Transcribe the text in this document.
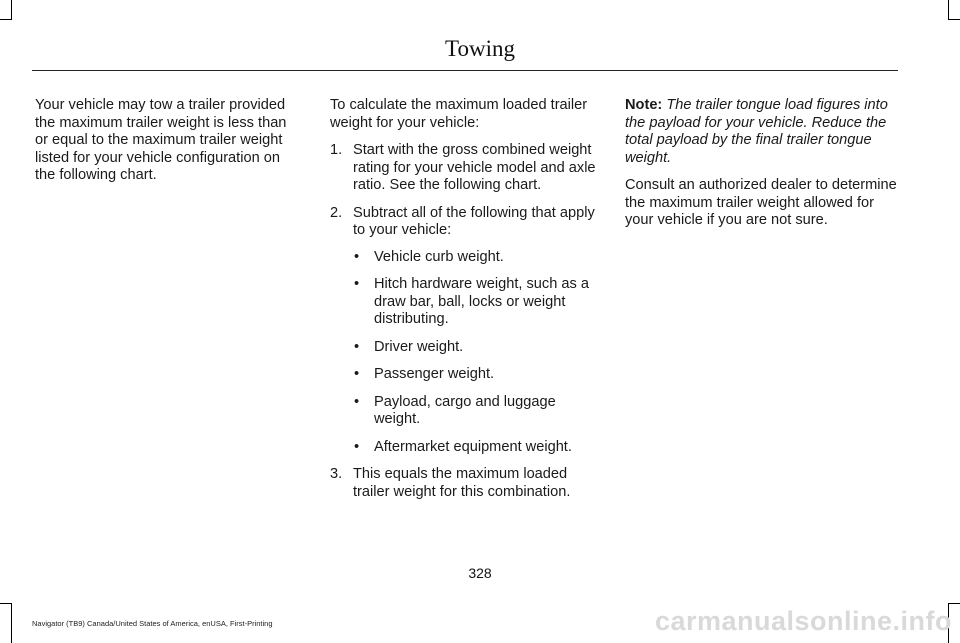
Towing

Your vehicle may tow a trailer provided the maximum trailer weight is less than or equal to the maximum trailer weight listed for your vehicle configuration on the following chart.

To calculate the maximum loaded trailer weight for your vehicle:

1. Start with the gross combined weight rating for your vehicle model and axle ratio. See the following chart.
2. Subtract all of the following that apply to your vehicle:
• Vehicle curb weight.
• Hitch hardware weight, such as a draw bar, ball, locks or weight distributing.
• Driver weight.
• Passenger weight.
• Payload, cargo and luggage weight.
• Aftermarket equipment weight.
3. This equals the maximum loaded trailer weight for this combination.

Note: The trailer tongue load figures into the payload for your vehicle. Reduce the total payload by the final trailer tongue weight.

Consult an authorized dealer to determine the maximum trailer weight allowed for your vehicle if you are not sure.

328
Navigator (TB9) Canada/United States of America, enUSA, First-Printing	carmanualsonline.info
